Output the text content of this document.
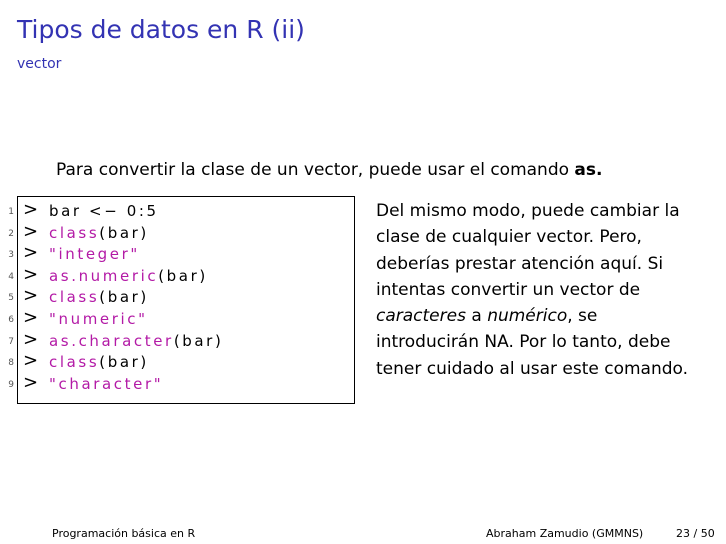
Tipos de datos en R (ii)
vector
Para convertir la clase de un vector, puede usar el comando as.
1 > bar <− 0:5
2 > class(bar)
3 > "integer"
4 > as.numeric(bar)
5 > class(bar)
6 > "numeric"
7 > as.character(bar)
8 > class(bar)
9 > "character"

Del mismo modo, puede cambiar la

clase de cualquier vector. Pero,

deberías prestar atención aquí. Si

intentas convertir un vector de

caracteres a numérico, se

introducirán NA. Por lo tanto, debe

tener cuidado al usar este comando.

Programación básica en R	Abraham Zamudio (GMMNS)	23 / 50
